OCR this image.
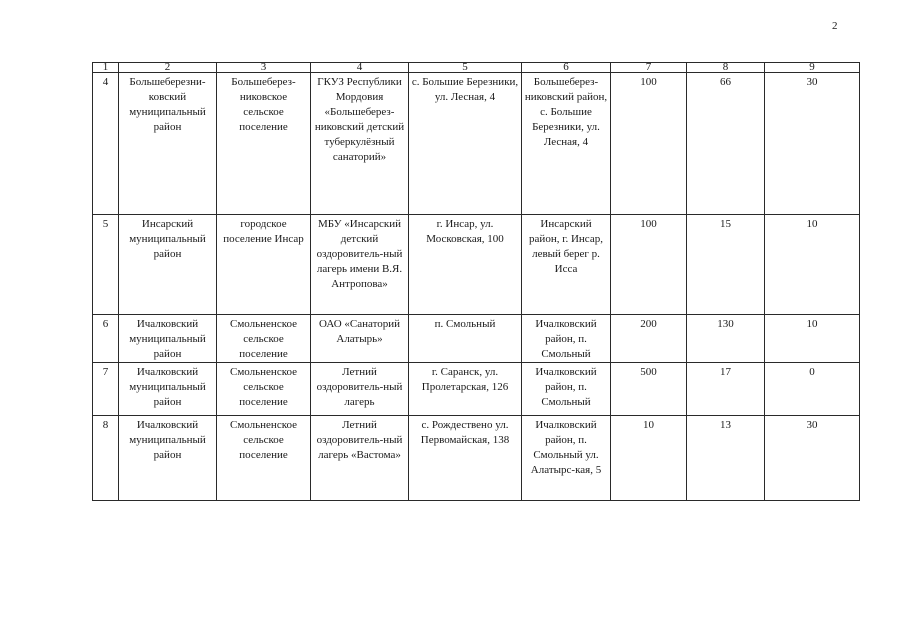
2
1	2	3	4	5	6	7	8	9
4	Большеберезни-ковский муниципальный район	Большеберез-никовское сельское поселение	ГКУЗ Республики Мордовия «Большеберез-никовский детский туберкулёзный санаторий»	с. Большие Березники, ул. Лесная, 4	Большеберез-никовский район, с. Большие Березники, ул. Лесная, 4	100	66	30
5	Инсарский муниципальный район	городское поселение Инсар	МБУ «Инсарский детский оздоровитель-ный лагерь имени В.Я. Антропова»	г. Инсар, ул. Московская, 100	Инсарский район, г. Инсар, левый берег р. Исса	100	15	10
6	Ичалковский муниципальный район	Смольненское сельское поселение	ОАО «Санаторий Алатырь»	п. Смольный	Ичалковский район, п. Смольный	200	130	10
7	Ичалковский муниципальный район	Смольненское сельское поселение	Летний оздоровитель-ный лагерь	г. Саранск, ул. Пролетарская, 126	Ичалковский район, п. Смольный	500	17	0
8	Ичалковский муниципальный район	Смольненское сельское поселение	Летний оздоровитель-ный лагерь «Вастома»	с. Рождествено ул. Первомайская, 138	Ичалковский район, п. Смольный ул. Алатырс-кая, 5	10	13	30
